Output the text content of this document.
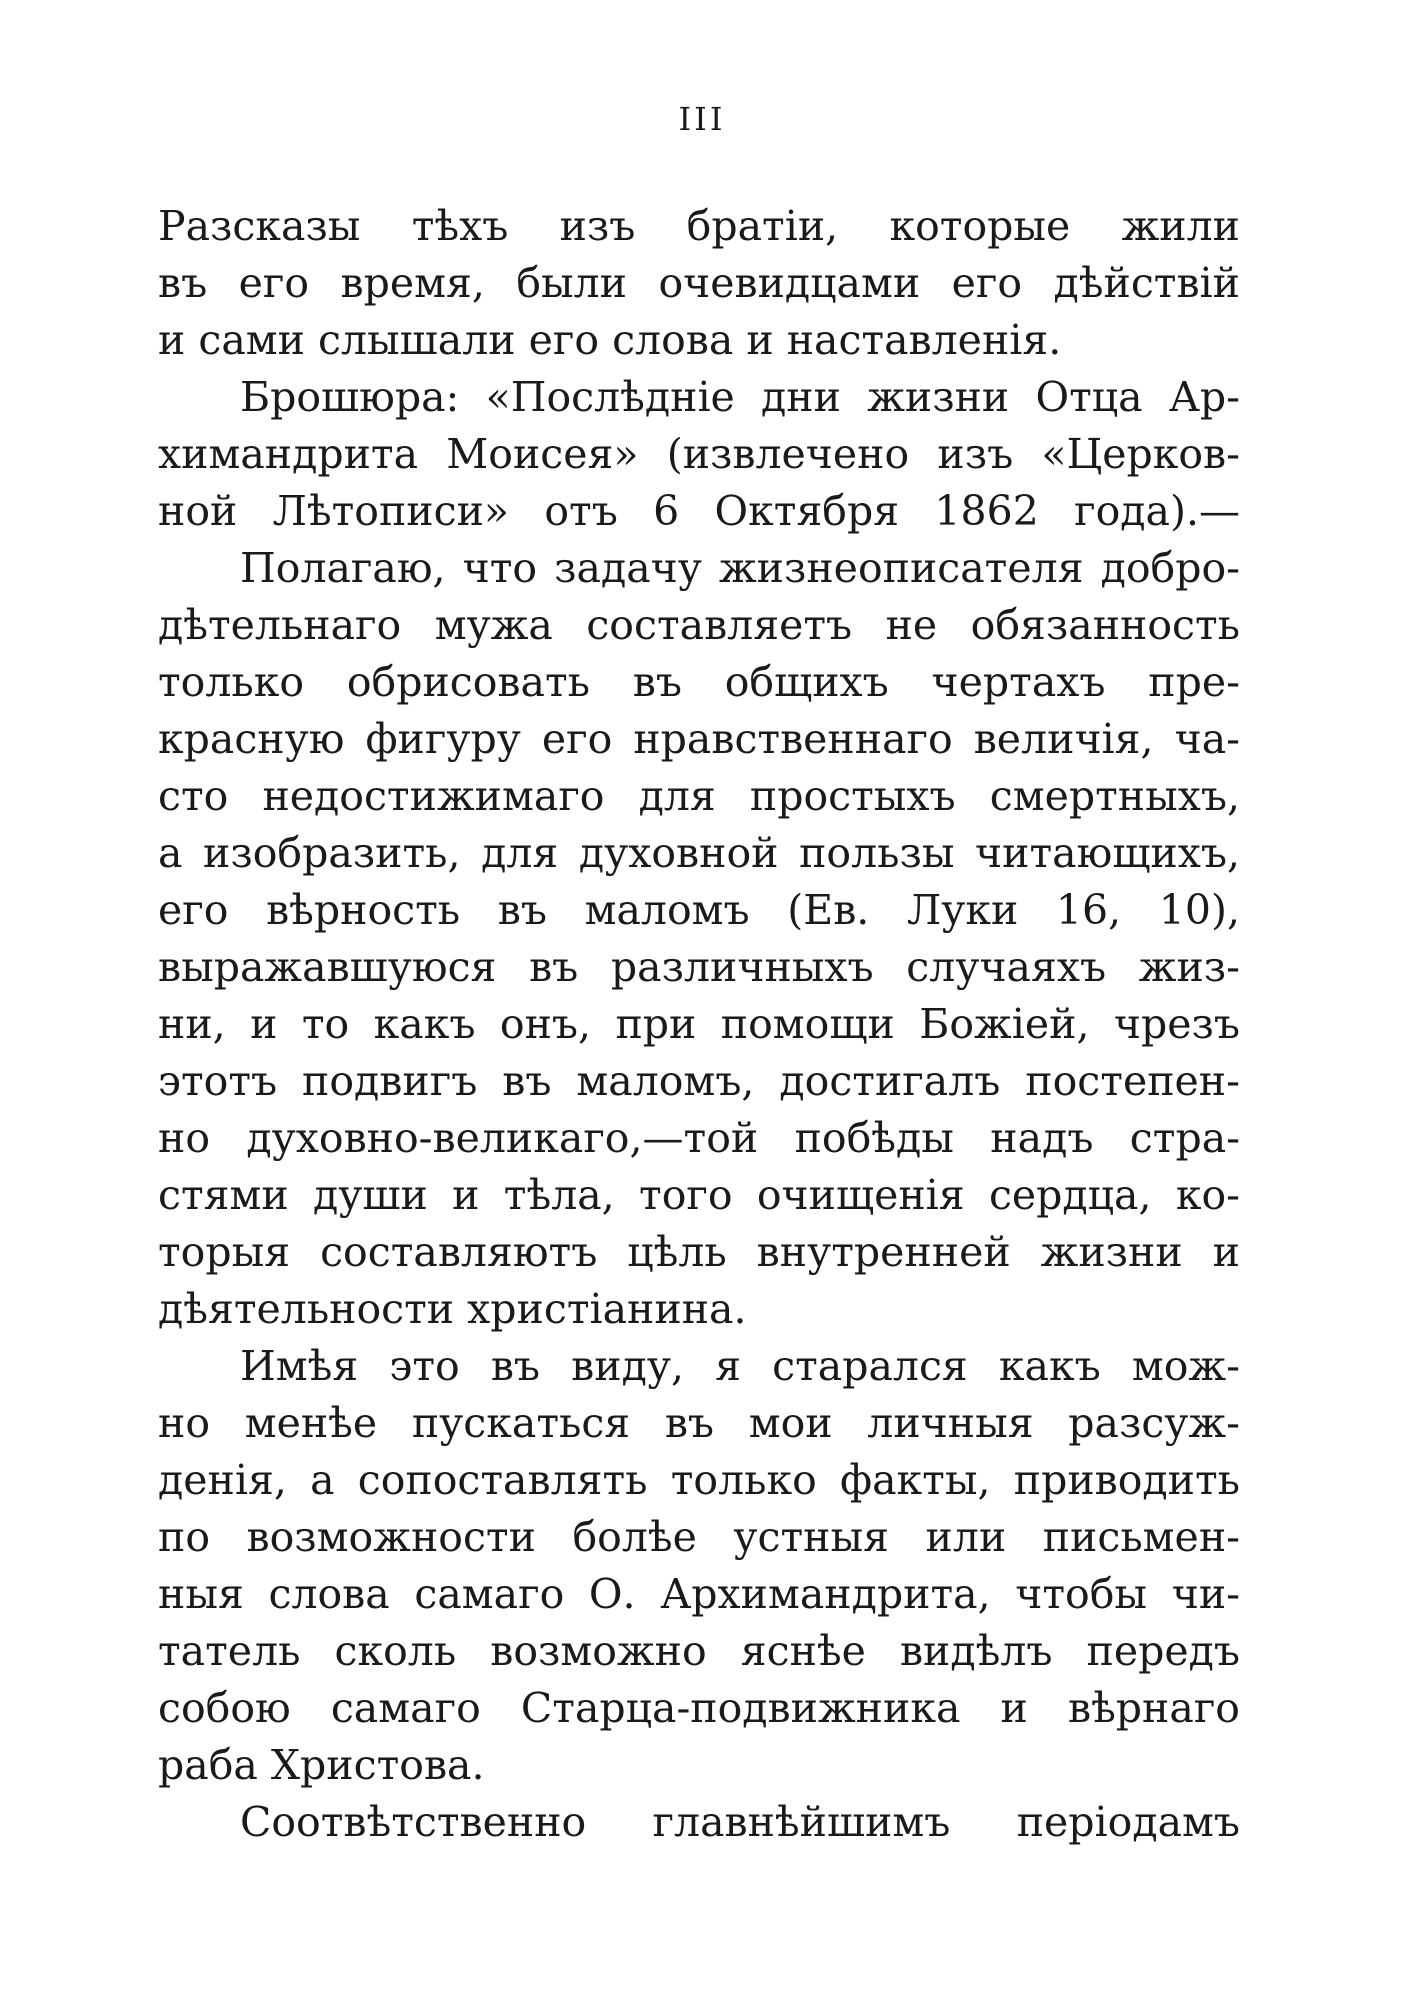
III
Разсказы тѣхъ изъ братіи, которые жили
въ его время, были очевидцами его дѣйствій
и сами слышали его слова и наставленія.
Брошюра: «Послѣдніе дни жизни Отца Ар-
химандрита Моисея» (извлечено изъ «Церков-
ной Лѣтописи» отъ 6 Октября 1862 года).—
Полагаю, что задачу жизнеописателя добро-
дѣтельнаго мужа составляетъ не обязанность
только обрисовать въ общихъ чертахъ пре-
красную фигуру его нравственнаго величія, ча-
сто недостижимаго для простыхъ смертныхъ,
а изобразить, для духовной пользы читающихъ,
его вѣрность въ маломъ (Ев. Луки 16, 10),
выражавшуюся въ различныхъ случаяхъ жиз-
ни, и то какъ онъ, при помощи Божіей, чрезъ
этотъ подвигъ въ маломъ, достигалъ постепен-
но духовно-великаго,—той побѣды надъ стра-
стями души и тѣла, того очищенія сердца, ко-
торыя составляютъ цѣль внутренней жизни и
дѣятельности христіанина.
Имѣя это въ виду, я старался какъ мож-
но менѣе пускаться въ мои личныя разсуж-
денія, а сопоставлять только факты, приводить
по возможности болѣе устныя или письмен-
ныя слова самаго О. Архимандрита, чтобы чи-
татель сколь возможно яснѣе видѣлъ передъ
собою самаго Старца-подвижника и вѣрнаго
раба Христова.
Соотвѣтственно главнѣйшимъ періодамъ
